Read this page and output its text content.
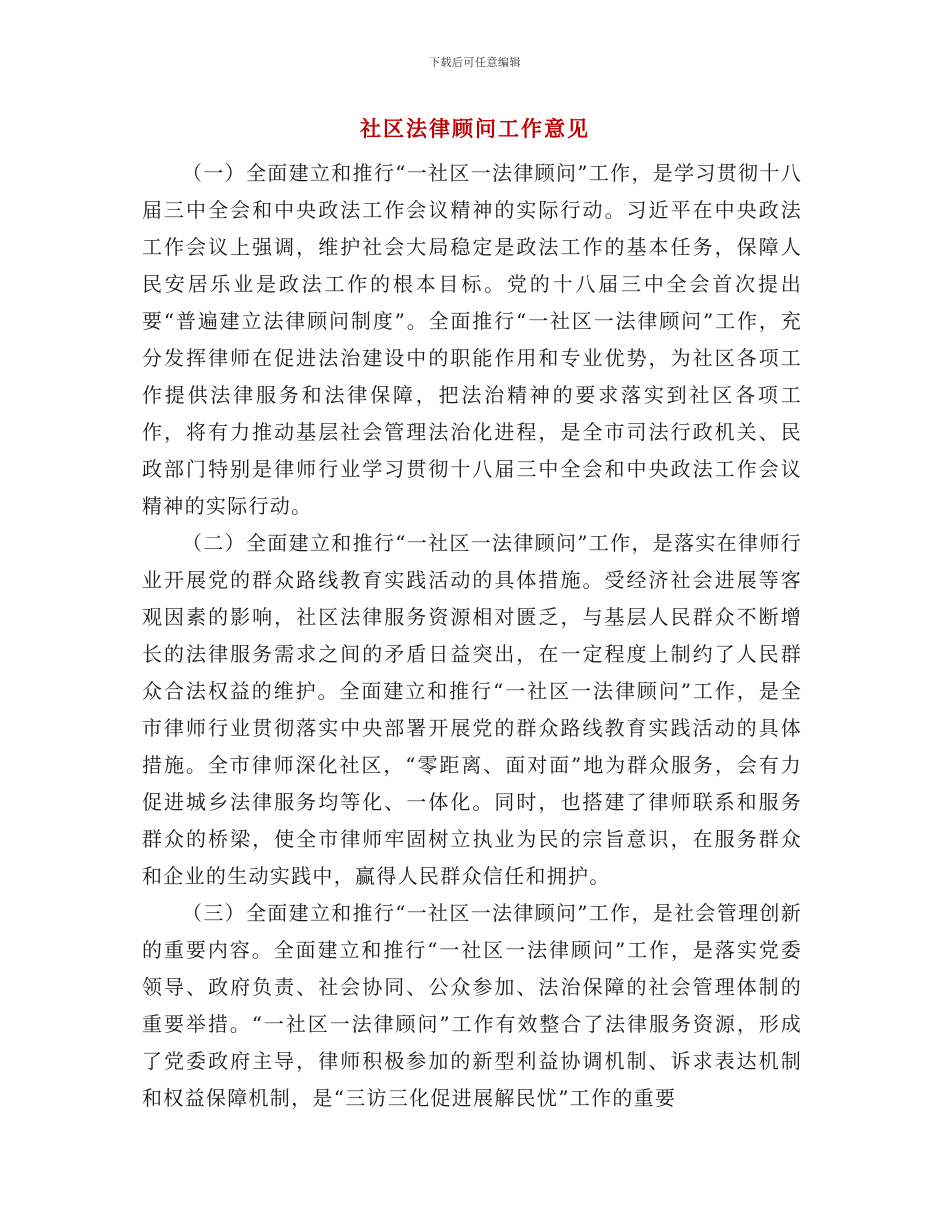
下载后可任意编辑
社区法律顾问工作意见

（一）全面建立和推行“一社区一法律顾问”工作，是学习贯彻十八届三中全会和中央政法工作会议精神的实际行动。习近平在中央政法工作会议上强调，维护社会大局稳定是政法工作的基本任务，保障人民安居乐业是政法工作的根本目标。党的十八届三中全会首次提出要“普遍建立法律顾问制度”。全面推行“一社区一法律顾问”工作，充分发挥律师在促进法治建设中的职能作用和专业优势，为社区各项工作提供法律服务和法律保障，把法治精神的要求落实到社区各项工作，将有力推动基层社会管理法治化进程，是全市司法行政机关、民政部门特别是律师行业学习贯彻十八届三中全会和中央政法工作会议精神的实际行动。

（二）全面建立和推行“一社区一法律顾问”工作，是落实在律师行业开展党的群众路线教育实践活动的具体措施。受经济社会进展等客观因素的影响，社区法律服务资源相对匮乏，与基层人民群众不断增长的法律服务需求之间的矛盾日益突出，在一定程度上制约了人民群众合法权益的维护。全面建立和推行“一社区一法律顾问”工作，是全市律师行业贯彻落实中央部署开展党的群众路线教育实践活动的具体措施。全市律师深化社区，“零距离、面对面”地为群众服务，会有力促进城乡法律服务均等化、一体化。同时，也搭建了律师联系和服务群众的桥梁，使全市律师牢固树立执业为民的宗旨意识，在服务群众和企业的生动实践中，赢得人民群众信任和拥护。

（三）全面建立和推行“一社区一法律顾问”工作，是社会管理创新的重要内容。全面建立和推行“一社区一法律顾问”工作，是落实党委领导、政府负责、社会协同、公众参加、法治保障的社会管理体制的重要举措。“一社区一法律顾问”工作有效整合了法律服务资源，形成了党委政府主导，律师积极参加的新型利益协调机制、诉求表达机制和权益保障机制，是“三访三化促进展解民忧”工作的重要
